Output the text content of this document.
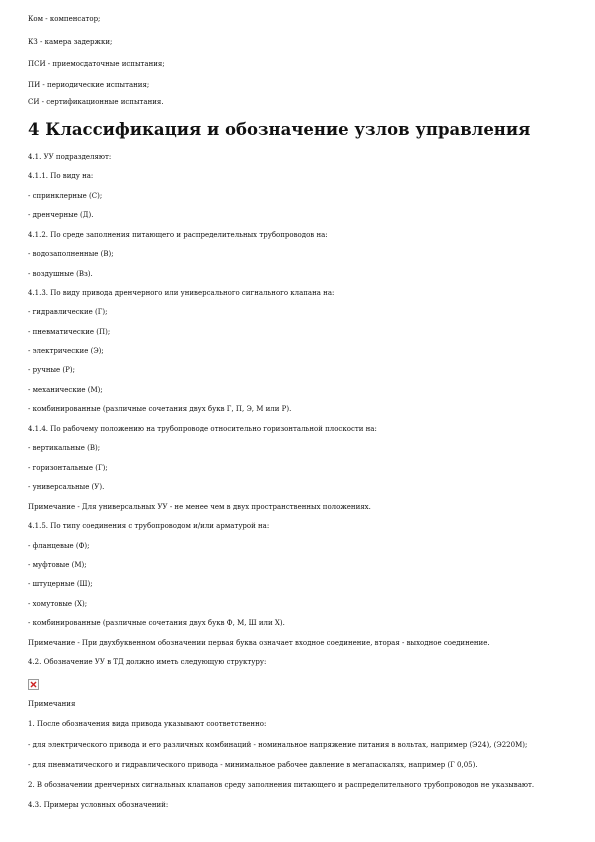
Ком - компенсатор;
КЗ - камера задержки;
ПСИ - приемосдаточные испытания;
ПИ - периодические испытания;
СИ - сертификационные испытания.
4 Классификация и обозначение узлов управления
4.1. УУ подразделяют:
4.1.1. По виду на:
- спринклерные (С);
- дренчерные (Д).
4.1.2. По среде заполнения питающего и распределительных трубопроводов на:
- водозаполненные (В);
- воздушные (Вз).
4.1.3. По виду привода дренчерного или универсального сигнального клапана на:
- гидравлические (Г);
- пневматические (П);
- электрические (Э);
- ручные (Р);
- механические (М);
- комбинированные (различные сочетания двух букв Г, П, Э, М или Р).
4.1.4. По рабочему положению на трубопроводе относительно горизонтальной плоскости на:
- вертикальные (В);
- горизонтальные (Г);
- универсальные (У).
Примечание - Для универсальных УУ - не менее чем в двух пространственных положениях.
4.1.5. По типу соединения с трубопроводом и/или арматурой на:
- фланцевые (Ф);
- муфтовые (М);
- штуцерные (Ш);
- хомутовые (Х);
- комбинированные (различные сочетания двух букв Ф, М, Ш или Х).
Примечание - При двухбуквенном обозначении первая буква означает входное соединение, вторая - выходное соединение.
4.2. Обозначение УУ в ТД должно иметь следующую структуру:
Примечания
1. После обозначения вида привода указывают соответственно:
- для электрического привода и его различных комбинаций - номинальное напряжение питания в вольтах, например (Э24), (Э220М);
- для пневматического и гидравлического привода - минимальное рабочее давление в мегапаскалях, например (Г 0,05).
2. В обозначении дренчерных сигнальных клапанов среду заполнения питающего и распределительного трубопроводов не указывают.
4.3. Примеры условных обозначений:
